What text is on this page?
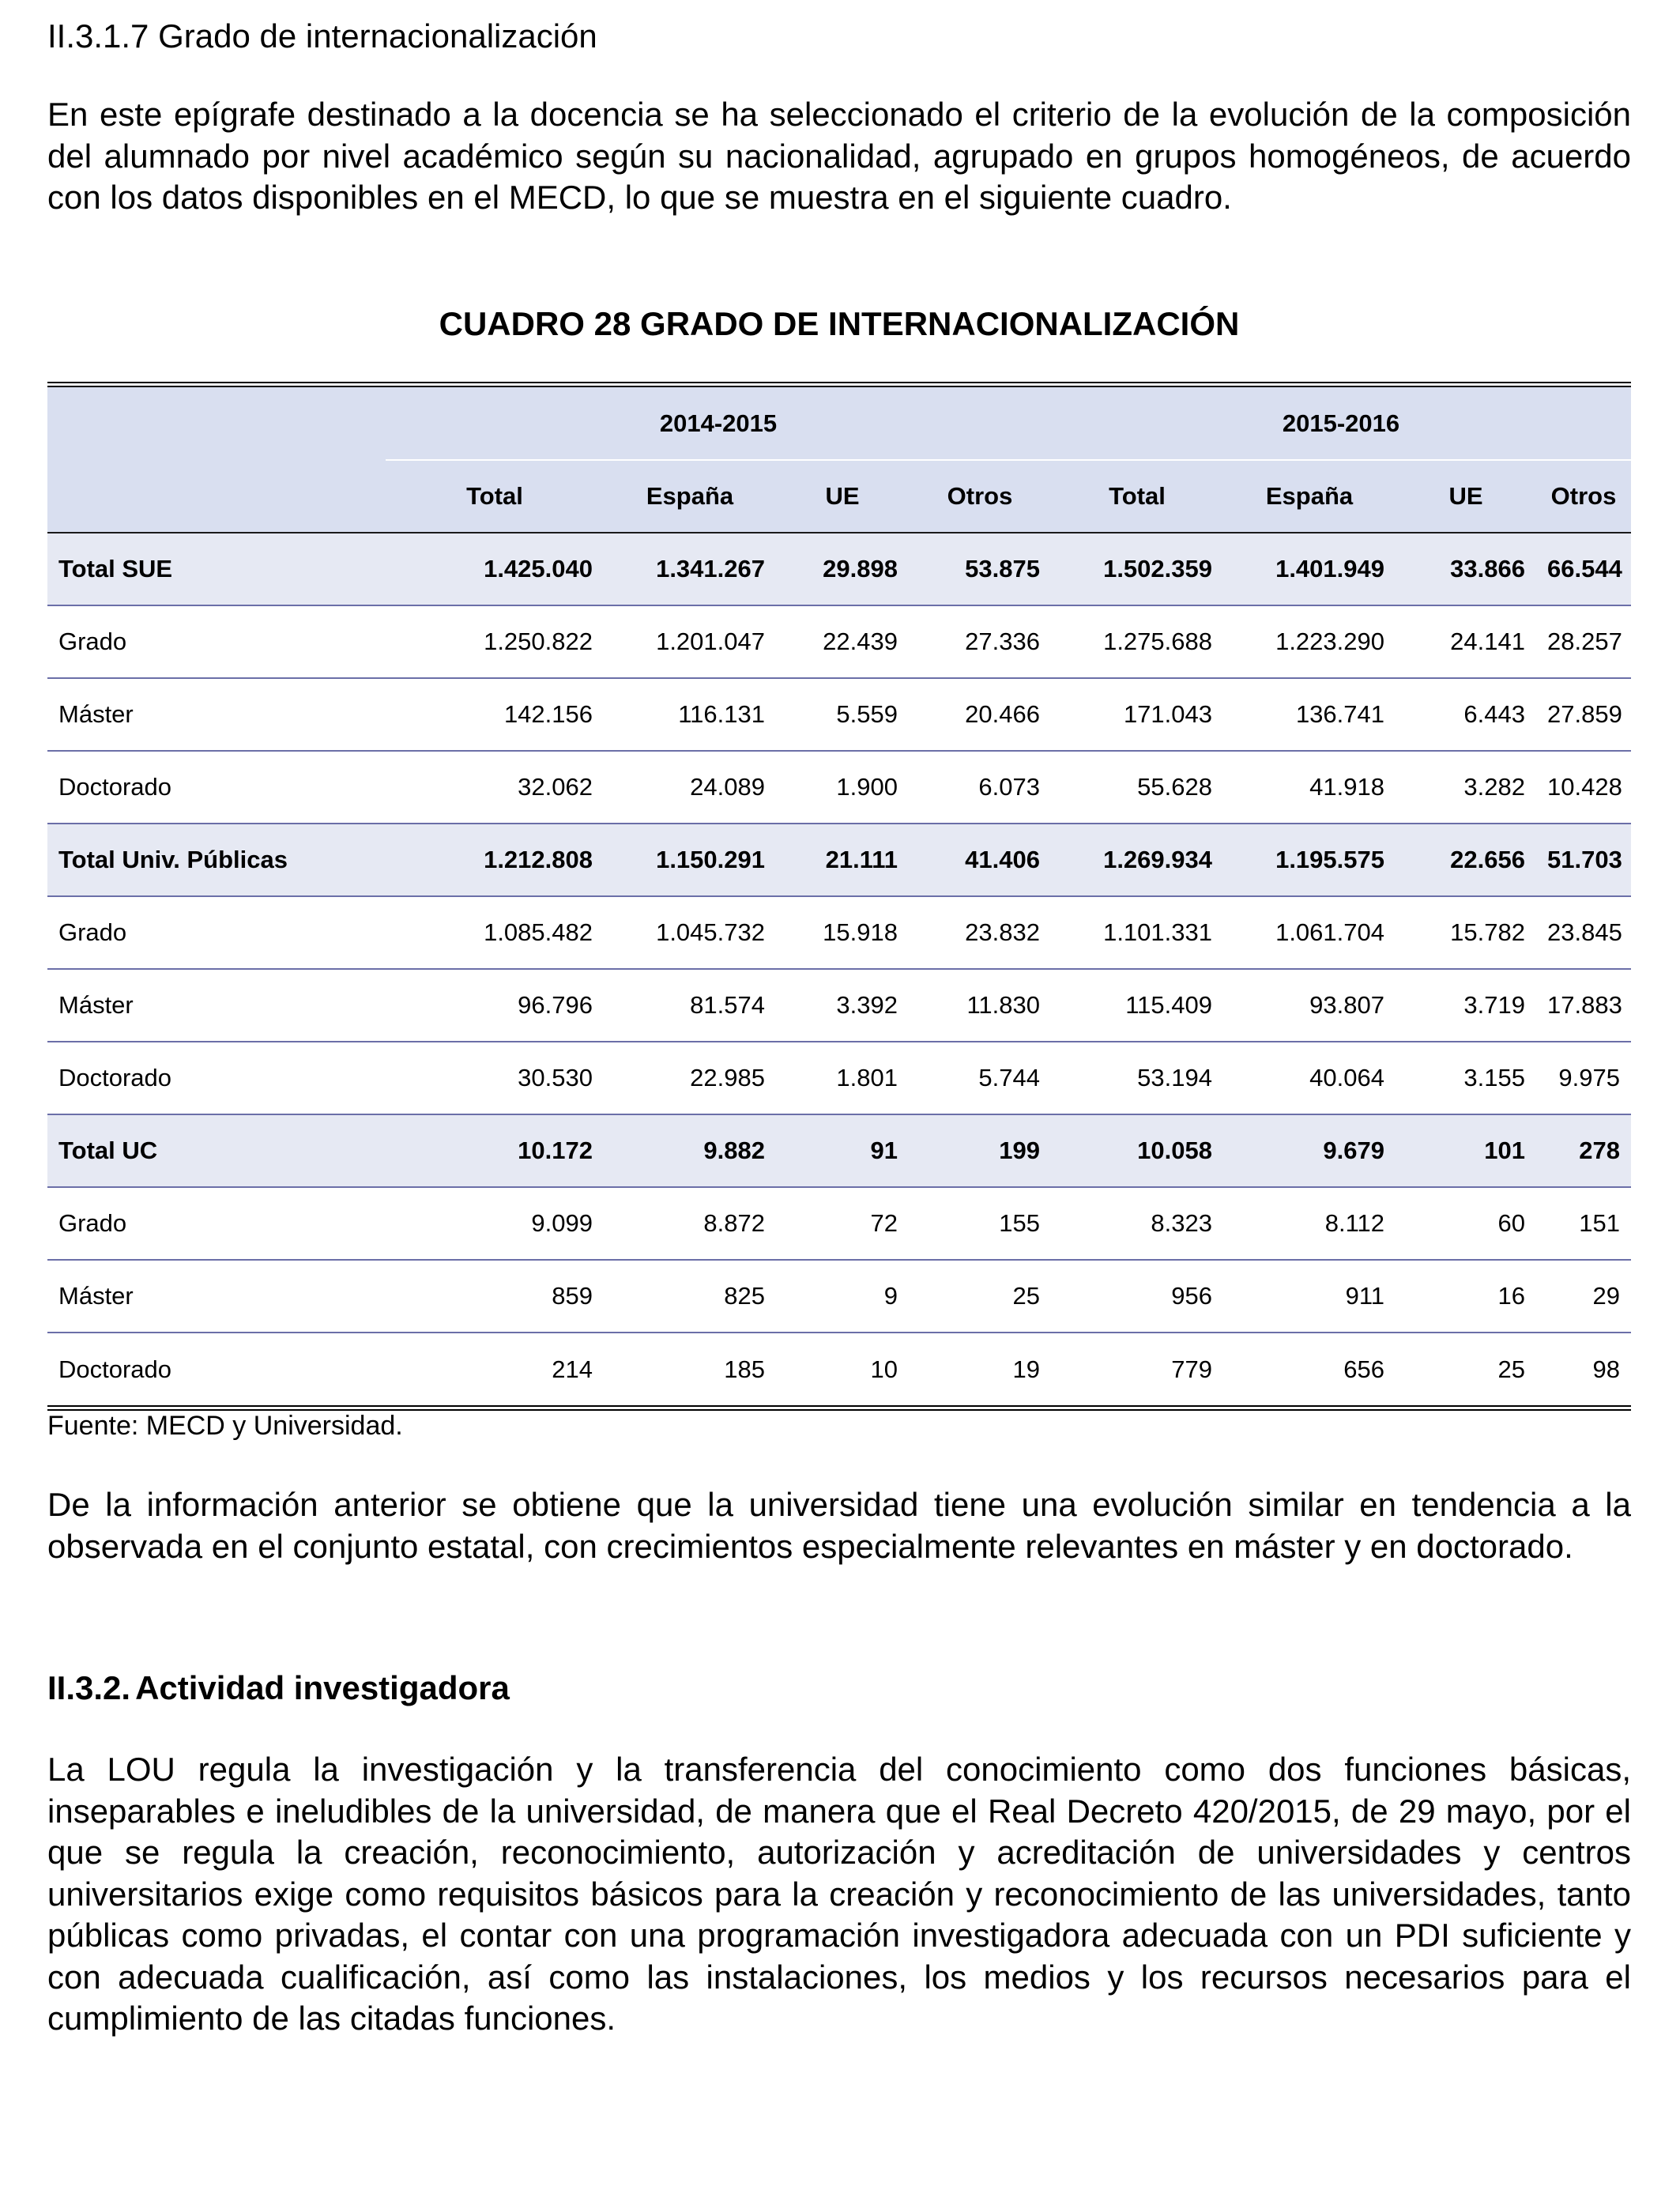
II.3.1.7 Grado de internacionalización

En este epígrafe destinado a la docencia se ha seleccionado el criterio de la evolución de la composición del alumnado por nivel académico según su nacionalidad, agrupado en grupos homogéneos, de acuerdo con los datos disponibles en el MECD, lo que se muestra en el siguiente cuadro.

CUADRO 28 GRADO DE INTERNACIONALIZACIÓN
	2014-2015				2015-2016			
	Total	España	UE	Otros	Total	España	UE	Otros
Total SUE	1.425.040	1.341.267	29.898	53.875	1.502.359	1.401.949	33.866	66.544
Grado	1.250.822	1.201.047	22.439	27.336	1.275.688	1.223.290	24.141	28.257
Máster	142.156	116.131	5.559	20.466	171.043	136.741	6.443	27.859
Doctorado	32.062	24.089	1.900	6.073	55.628	41.918	3.282	10.428
Total Univ. Públicas	1.212.808	1.150.291	21.111	41.406	1.269.934	1.195.575	22.656	51.703
Grado	1.085.482	1.045.732	15.918	23.832	1.101.331	1.061.704	15.782	23.845
Máster	96.796	81.574	3.392	11.830	115.409	93.807	3.719	17.883
Doctorado	30.530	22.985	1.801	5.744	53.194	40.064	3.155	9.975
Total UC	10.172	9.882	91	199	10.058	9.679	101	278
Grado	9.099	8.872	72	155	8.323	8.112	60	151
Máster	859	825	9	25	956	911	16	29
Doctorado	214	185	10	19	779	656	25	98

Fuente: MECD y Universidad.

De la información anterior se obtiene que la universidad tiene una evolución similar en tendencia a la observada en el conjunto estatal, con crecimientos especialmente relevantes en máster y en doctorado.

II.3.2. Actividad investigadora

La LOU regula la investigación y la transferencia del conocimiento como dos funciones básicas, inseparables e ineludibles de la universidad, de manera que el Real Decreto 420/2015, de 29 mayo, por el que se regula la creación, reconocimiento, autorización y acreditación de universidades y centros universitarios exige como requisitos básicos para la creación y reconocimiento de las universidades, tanto públicas como privadas, el contar con una programación investigadora adecuada con un PDI suficiente y con adecuada cualificación, así como las instalaciones, los medios y los recursos necesarios para el cumplimiento de las citadas funciones.
